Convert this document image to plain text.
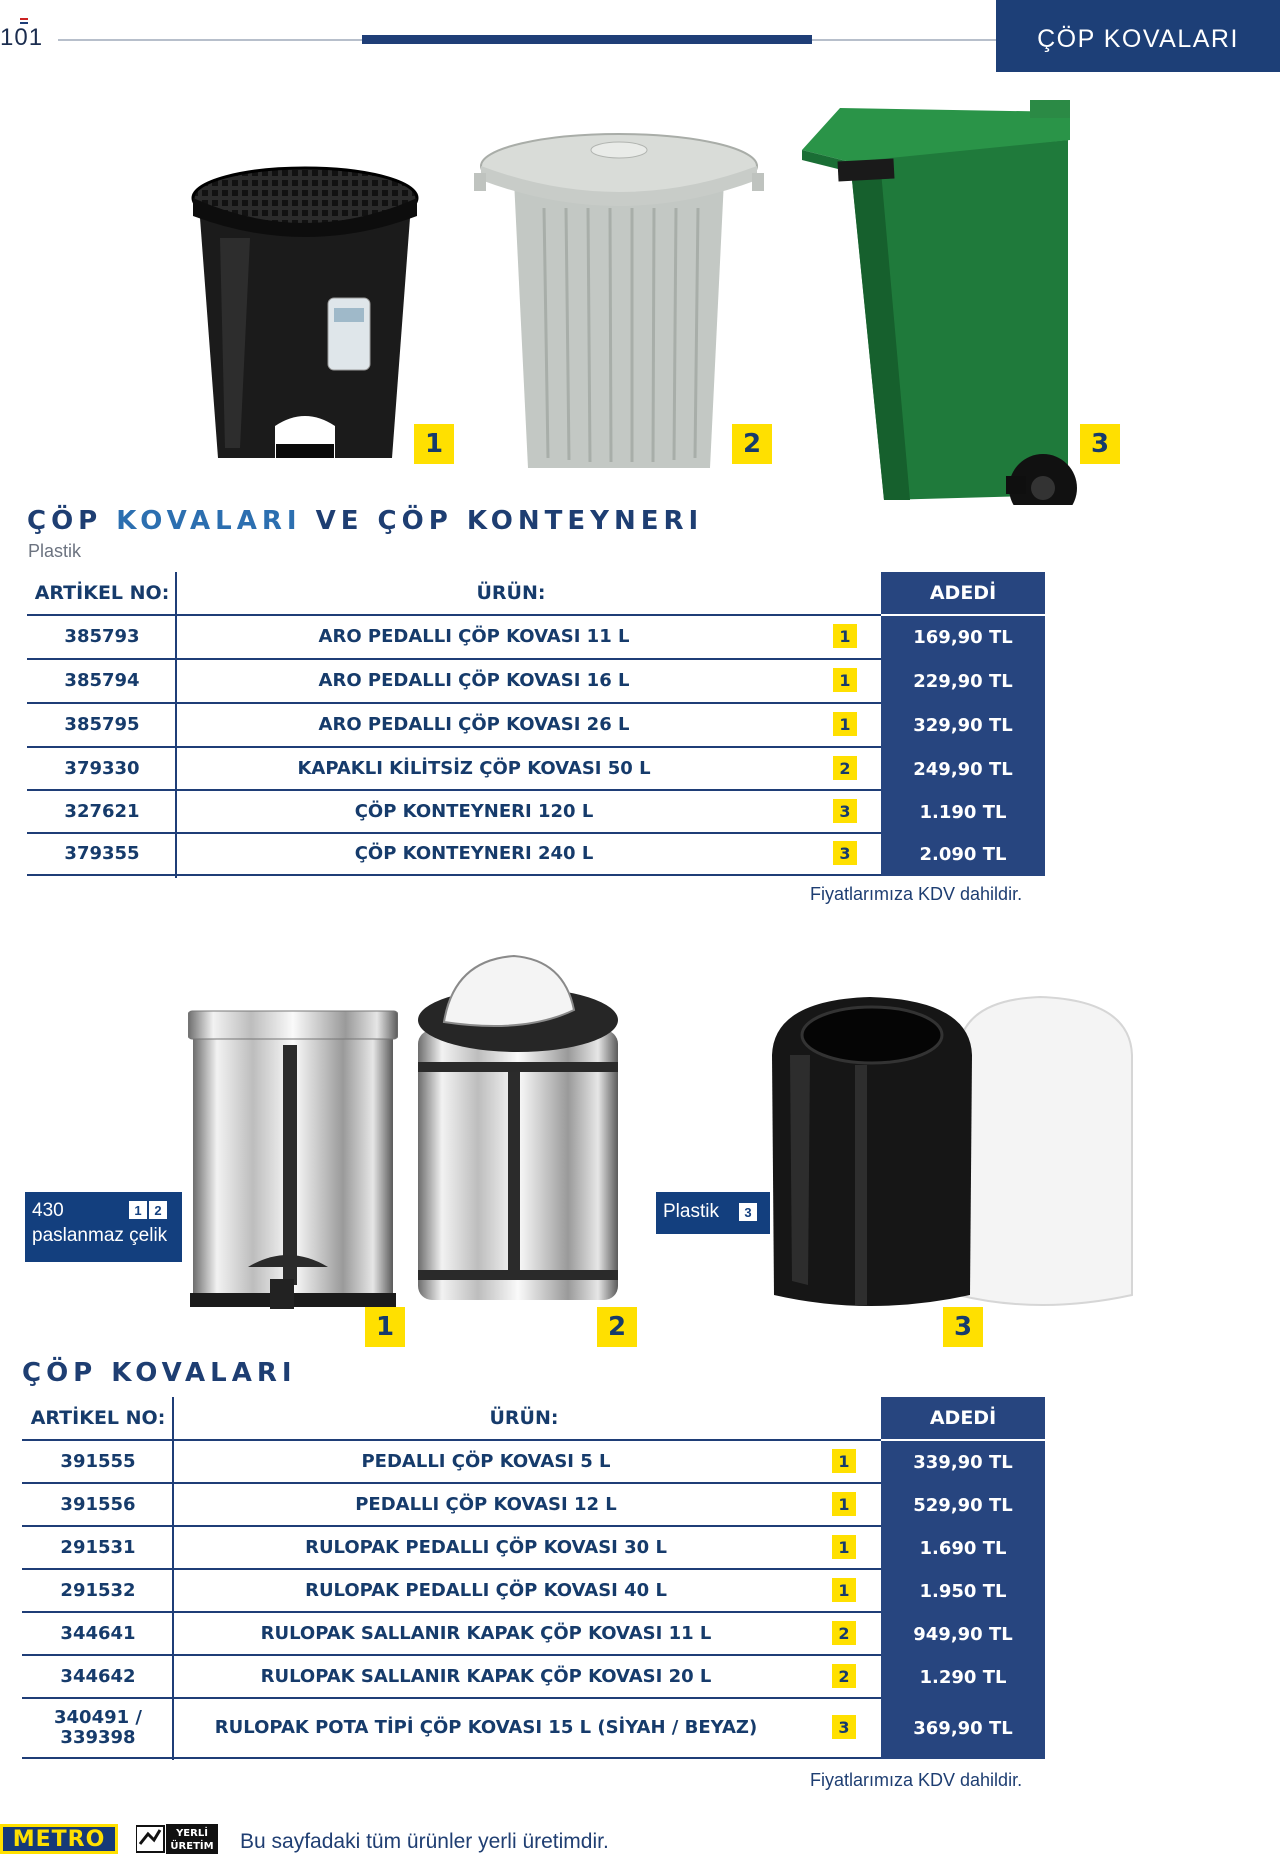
101	ÇÖP KOVALARI
1	2	3
ÇÖP KOVALARI VE ÇÖP KONTEYNERI
Plastik
ARTİKEL NO:	ÜRÜN:	ADEDİ
385793	ARO PEDALLI ÇÖP KOVASI 11 L	1	169,90 TL
385794	ARO PEDALLI ÇÖP KOVASI 16 L	1	229,90 TL
385795	ARO PEDALLI ÇÖP KOVASI 26 L	1	329,90 TL
379330	KAPAKLI KİLİTSİZ ÇÖP KOVASI 50 L	2	249,90 TL
327621	ÇÖP KONTEYNERI 120 L	3	1.190 TL
379355	ÇÖP KONTEYNERI 240 L	3	2.090 TL
Fiyatlarımıza KDV dahildir.
1	2	3
430
paslanmaz çelik
1 2	Plastik	3
ÇÖP KOVALARI
ARTİKEL NO:	ÜRÜN:	ADEDİ
391555	PEDALLI ÇÖP KOVASI 5 L	1	339,90 TL
391556	PEDALLI ÇÖP KOVASI 12 L	1	529,90 TL
291531	RULOPAK PEDALLI ÇÖP KOVASI 30 L	1	1.690 TL
291532	RULOPAK PEDALLI ÇÖP KOVASI 40 L	1	1.950 TL
344641	RULOPAK SALLANIR KAPAK ÇÖP KOVASI 11 L	2	949,90 TL
344642	RULOPAK SALLANIR KAPAK ÇÖP KOVASI 20 L	2	1.290 TL
340491 / 339398	RULOPAK POTA TİPİ ÇÖP KOVASI 15 L (SİYAH / BEYAZ)	3	369,90 TL
Fiyatlarımıza KDV dahildir.
METRO	YERLİ
ÜRETİM Bu sayfadaki tüm ürünler yerli üretimdir.
